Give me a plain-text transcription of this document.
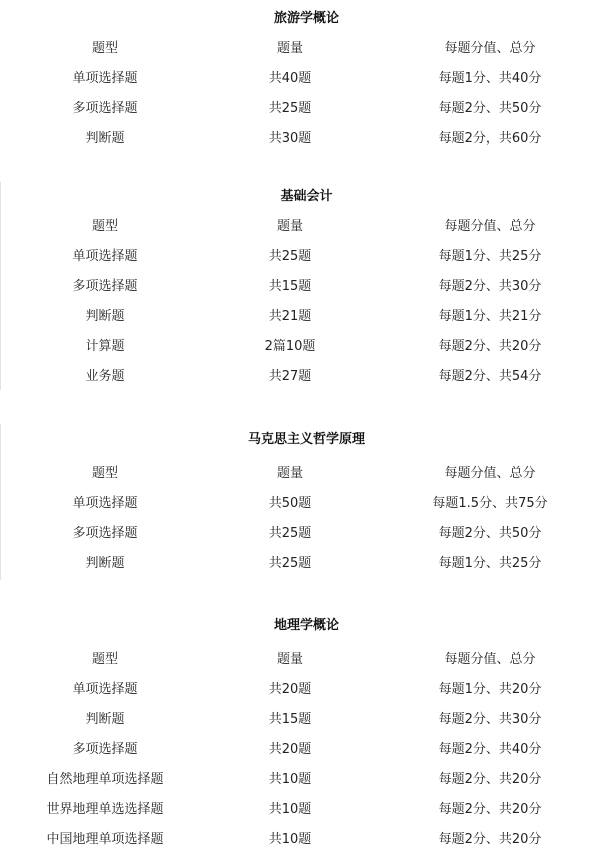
旅游学概论
题型	题量	每题分值、总分
单项选择题	共40题	每题1分、共40分
多项选择题	共25题	每题2分、共50分
判断题	共30题	每题2分，共60分
基础会计
题型	题量	每题分值、总分
单项选择题	共25题	每题1分、共25分
多项选择题	共15题	每题2分、共30分
判断题	共21题	每题1分、共21分
计算题	2篇10题	每题2分、共20分
业务题	共27题	每题2分、共54分
马克思主义哲学原理
题型	题量	每题分值、总分
单项选择题	共50题	每题1.5分、共75分
多项选择题	共25题	每题2分、共50分
判断题	共25题	每题1分、共25分
地理学概论
题型	题量	每题分值、总分
单项选择题	共20题	每题1分、共20分
判断题	共15题	每题2分、共30分
多项选择题	共20题	每题2分、共40分
自然地理单项选择题	共10题	每题2分、共20分
世界地理单选选择题	共10题	每题2分、共20分
中国地理单项选择题	共10题	每题2分、共20分
